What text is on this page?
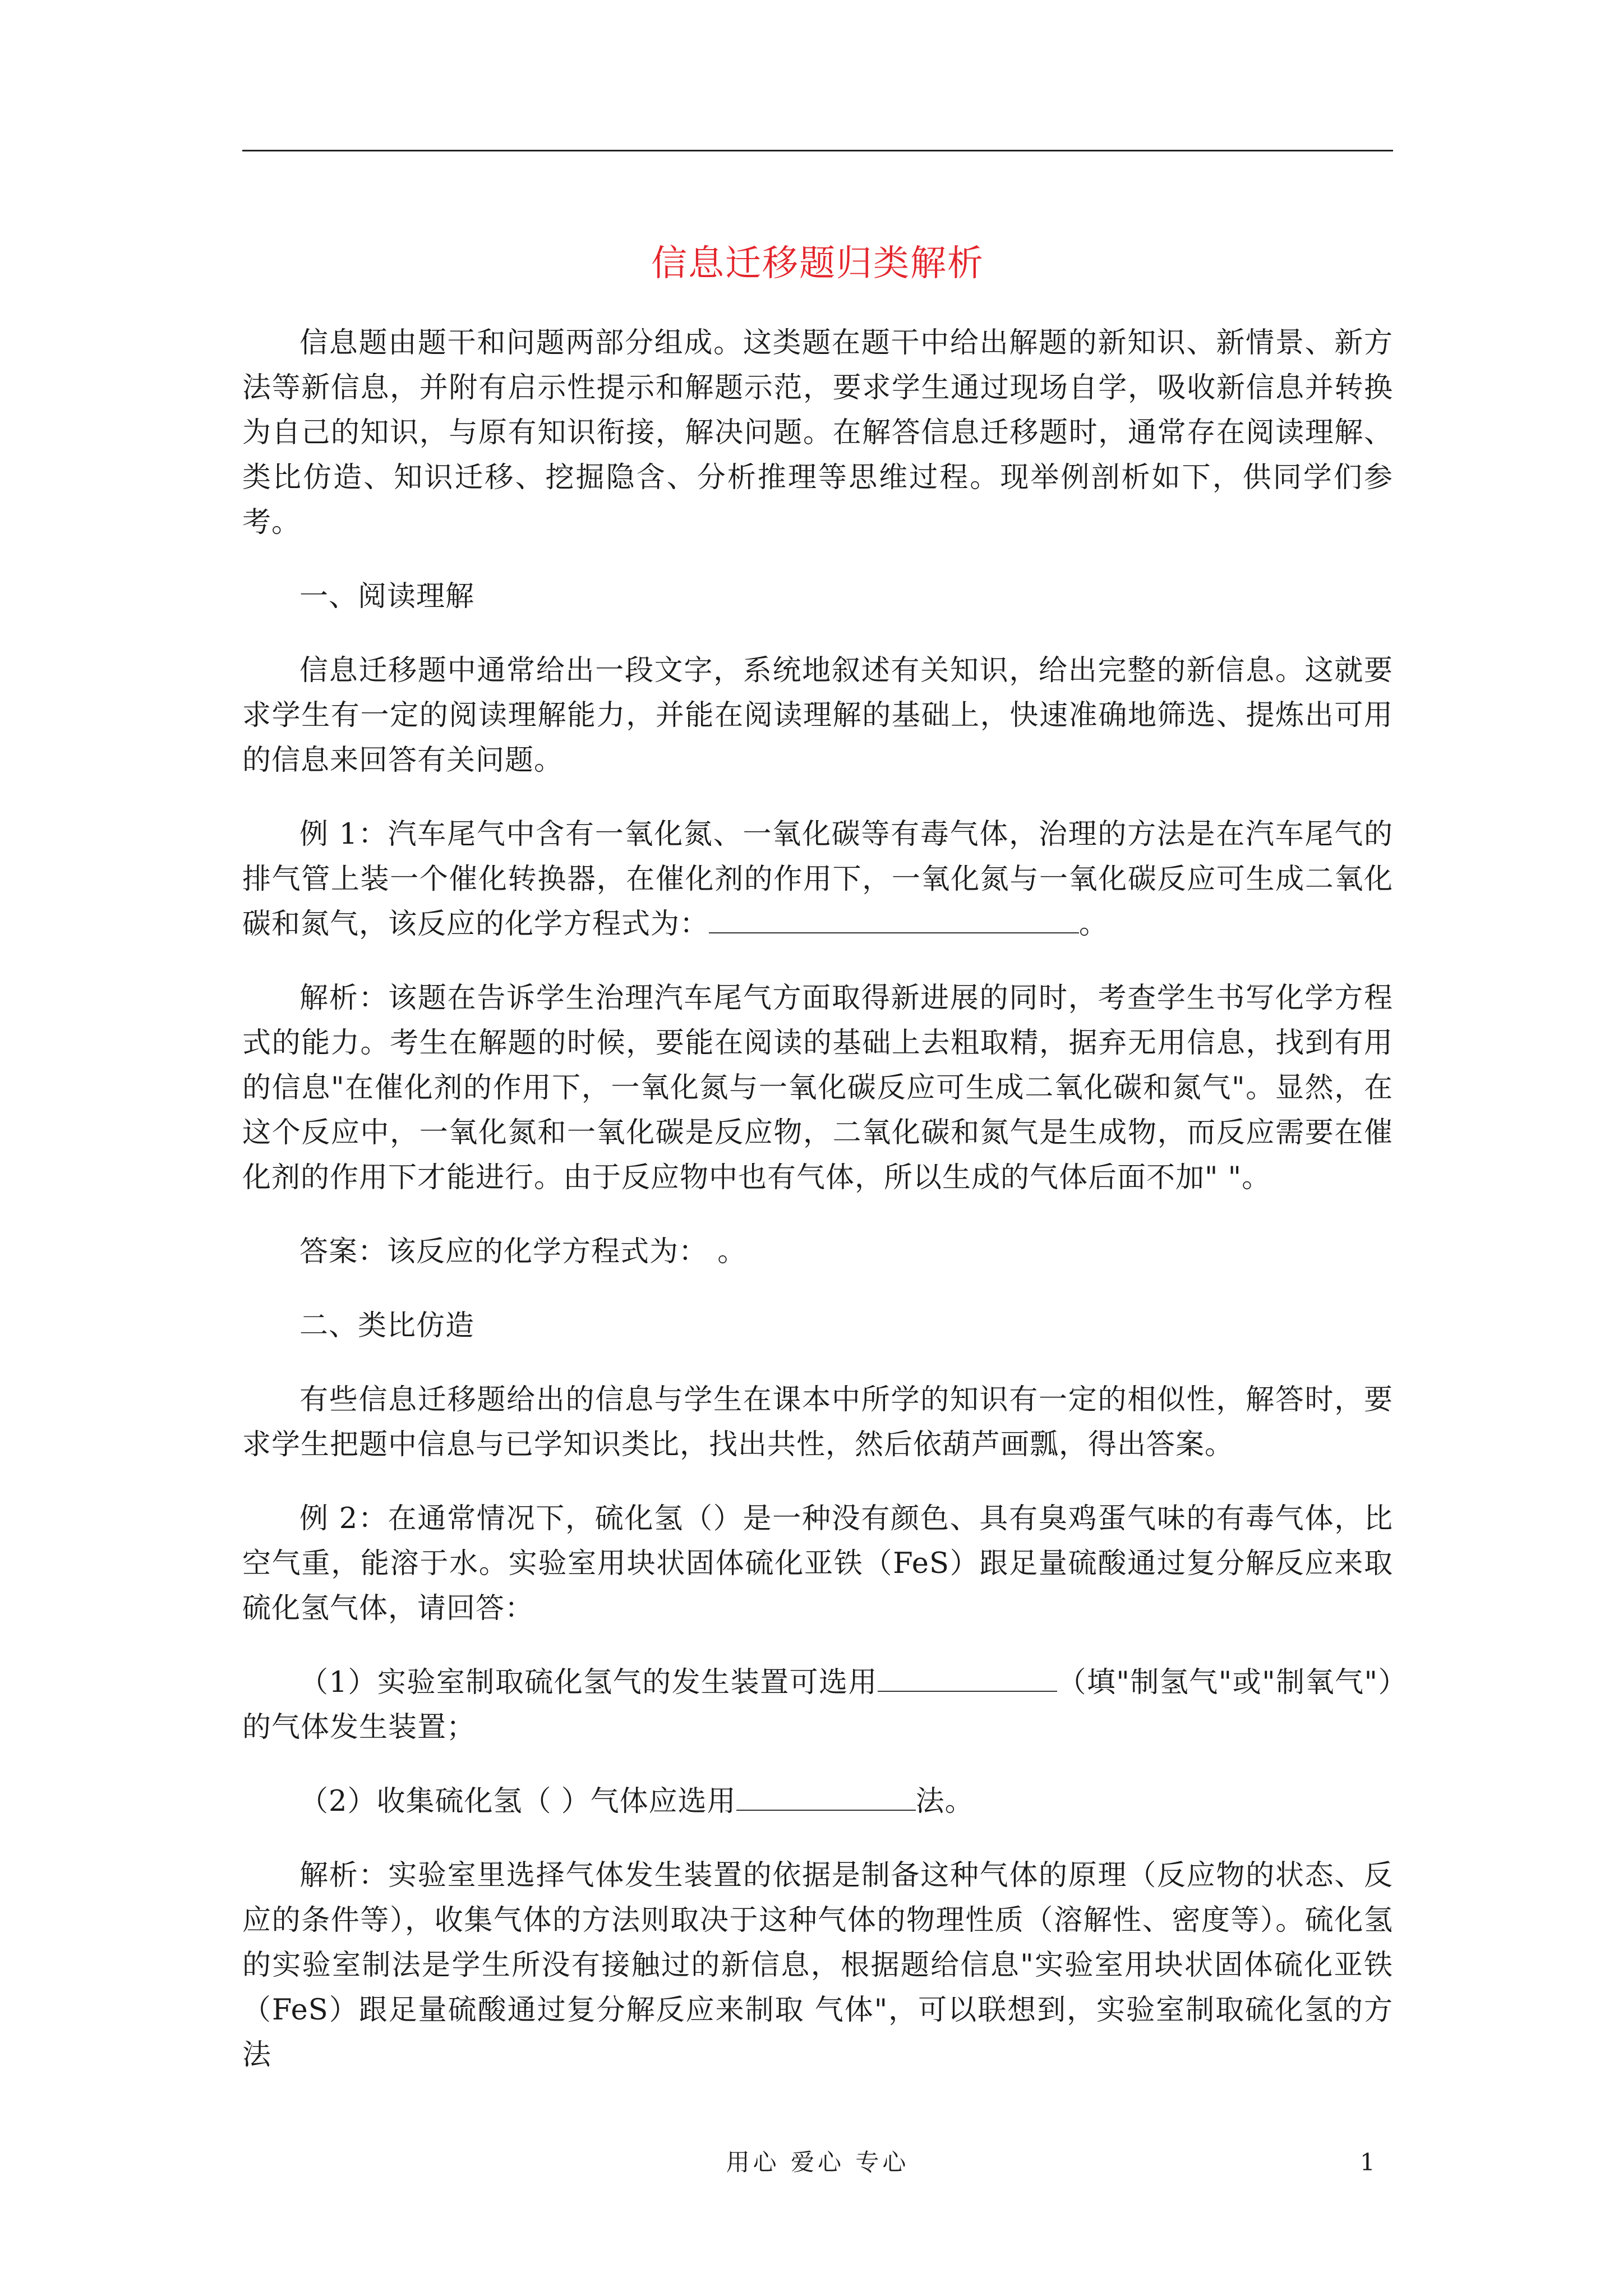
信息迁移题归类解析

信息题由题干和问题两部分组成。这类题在题干中给出解题的新知识、新情景、新方法等新信息，并附有启示性提示和解题示范，要求学生通过现场自学，吸收新信息并转换为自己的知识，与原有知识衔接，解决问题。在解答信息迁移题时，通常存在阅读理解、类比仿造、知识迁移、挖掘隐含、分析推理等思维过程。现举例剖析如下，供同学们参考。

一、阅读理解

信息迁移题中通常给出一段文字，系统地叙述有关知识，给出完整的新信息。这就要求学生有一定的阅读理解能力，并能在阅读理解的基础上，快速准确地筛选、提炼出可用的信息来回答有关问题。

例 1：汽车尾气中含有一氧化氮、一氧化碳等有毒气体，治理的方法是在汽车尾气的排气管上装一个催化转换器，在催化剂的作用下，一氧化氮与一氧化碳反应可生成二氧化碳和氮气，该反应的化学方程式为：	。

解析：该题在告诉学生治理汽车尾气方面取得新进展的同时，考查学生书写化学方程式的能力。考生在解题的时候，要能在阅读的基础上去粗取精，据弃无用信息，找到有用的信息"在催化剂的作用下，一氧化氮与一氧化碳反应可生成二氧化碳和氮气"。显然，在这个反应中，一氧化氮和一氧化碳是反应物，二氧化碳和氮气是生成物，而反应需要在催化剂的作用下才能进行。由于反应物中也有气体，所以生成的气体后面不加" "。

答案：该反应的化学方程式为： 。

二、类比仿造

有些信息迁移题给出的信息与学生在课本中所学的知识有一定的相似性，解答时，要求学生把题中信息与已学知识类比，找出共性，然后依葫芦画瓢，得出答案。

例 2：在通常情况下，硫化氢（）是一种没有颜色、具有臭鸡蛋气味的有毒气体，比空气重，能溶于水。实验室用块状固体硫化亚铁（FeS）跟足量硫酸通过复分解反应来取硫化氢气体，请回答：

（1）实验室制取硫化氢气的发生装置可选用	（填"制氢气"或"制氧气"）的气体发生装置；

（2）收集硫化氢（ ）气体应选用	法。

解析：实验室里选择气体发生装置的依据是制备这种气体的原理（反应物的状态、反应的条件等），收集气体的方法则取决于这种气体的物理性质（溶解性、密度等）。硫化氢的实验室制法是学生所没有接触过的新信息，根据题给信息"实验室用块状固体硫化亚铁（FeS）跟足量硫酸通过复分解反应来制取 气体"，可以联想到，实验室制取硫化氢的方法

用心 爱心 专心	1
